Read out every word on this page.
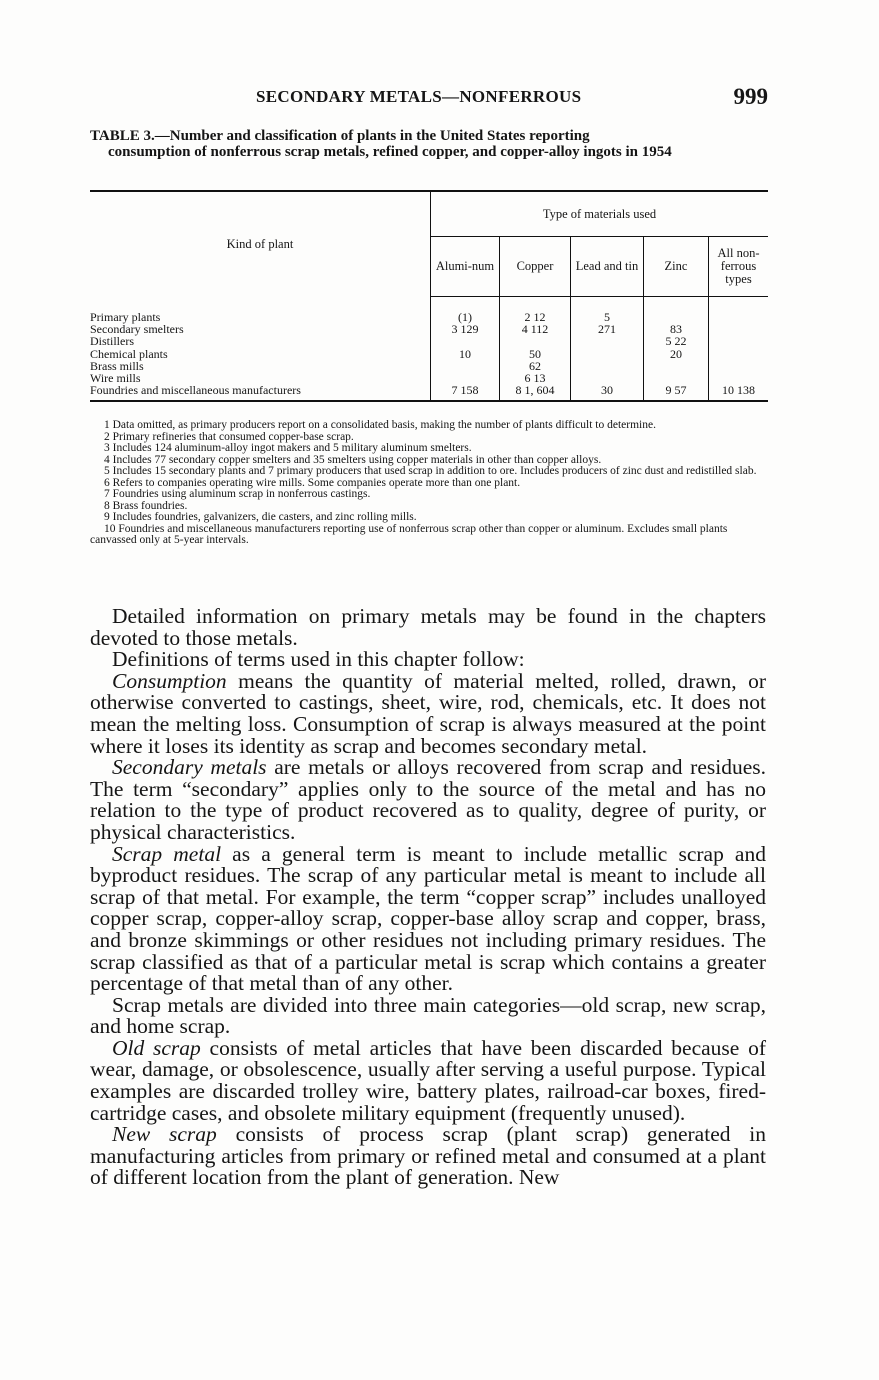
SECONDARY METALS—NONFERROUS	999
TABLE 3.—Number and classification of plants in the United States reporting
consumption of nonferrous scrap metals, refined copper, and copper-alloy ingots in 1954
Kind of plant	Type of materials used				
	Alumi-num	Copper	Lead and tin	Zinc	All non-ferrous types
Primary plants	(1)	2 12	5		
Secondary smelters	3 129	4 112	271	83	
Distillers				5 22	
Chemical plants	10	50		20	
Brass mills		62			
Wire mills		6 13			
Foundries and miscellaneous manufacturers	7 158	8 1, 604	30	9 57	10 138

1 Data omitted, as primary producers report on a consolidated basis, making the number of plants difficult to determine.

2 Primary refineries that consumed copper-base scrap.

3 Includes 124 aluminum-alloy ingot makers and 5 military aluminum smelters.

4 Includes 77 secondary copper smelters and 35 smelters using copper materials in other than copper alloys.

5 Includes 15 secondary plants and 7 primary producers that used scrap in addition to ore. Includes producers of zinc dust and redistilled slab.

6 Refers to companies operating wire mills. Some companies operate more than one plant.

7 Foundries using aluminum scrap in nonferrous castings.

8 Brass foundries.

9 Includes foundries, galvanizers, die casters, and zinc rolling mills.

10 Foundries and miscellaneous manufacturers reporting use of nonferrous scrap other than copper or aluminum. Excludes small plants canvassed only at 5-year intervals.

Detailed information on primary metals may be found in the chapters devoted to those metals.

Definitions of terms used in this chapter follow:

Consumption means the quantity of material melted, rolled, drawn, or otherwise converted to castings, sheet, wire, rod, chemicals, etc. It does not mean the melting loss. Consumption of scrap is always measured at the point where it loses its identity as scrap and becomes secondary metal.

Secondary metals are metals or alloys recovered from scrap and residues. The term “secondary” applies only to the source of the metal and has no relation to the type of product recovered as to quality, degree of purity, or physical characteristics.

Scrap metal as a general term is meant to include metallic scrap and byproduct residues. The scrap of any particular metal is meant to include all scrap of that metal. For example, the term “copper scrap” includes unalloyed copper scrap, copper-alloy scrap, copper-base alloy scrap and copper, brass, and bronze skimmings or other residues not including primary residues. The scrap classified as that of a particular metal is scrap which contains a greater percentage of that metal than of any other.

Scrap metals are divided into three main categories—old scrap, new scrap, and home scrap.

Old scrap consists of metal articles that have been discarded because of wear, damage, or obsolescence, usually after serving a useful purpose. Typical examples are discarded trolley wire, battery plates, railroad-car boxes, fired-cartridge cases, and obsolete military equipment (frequently unused).

New scrap consists of process scrap (plant scrap) generated in manufacturing articles from primary or refined metal and consumed at a plant of different location from the plant of generation. New
